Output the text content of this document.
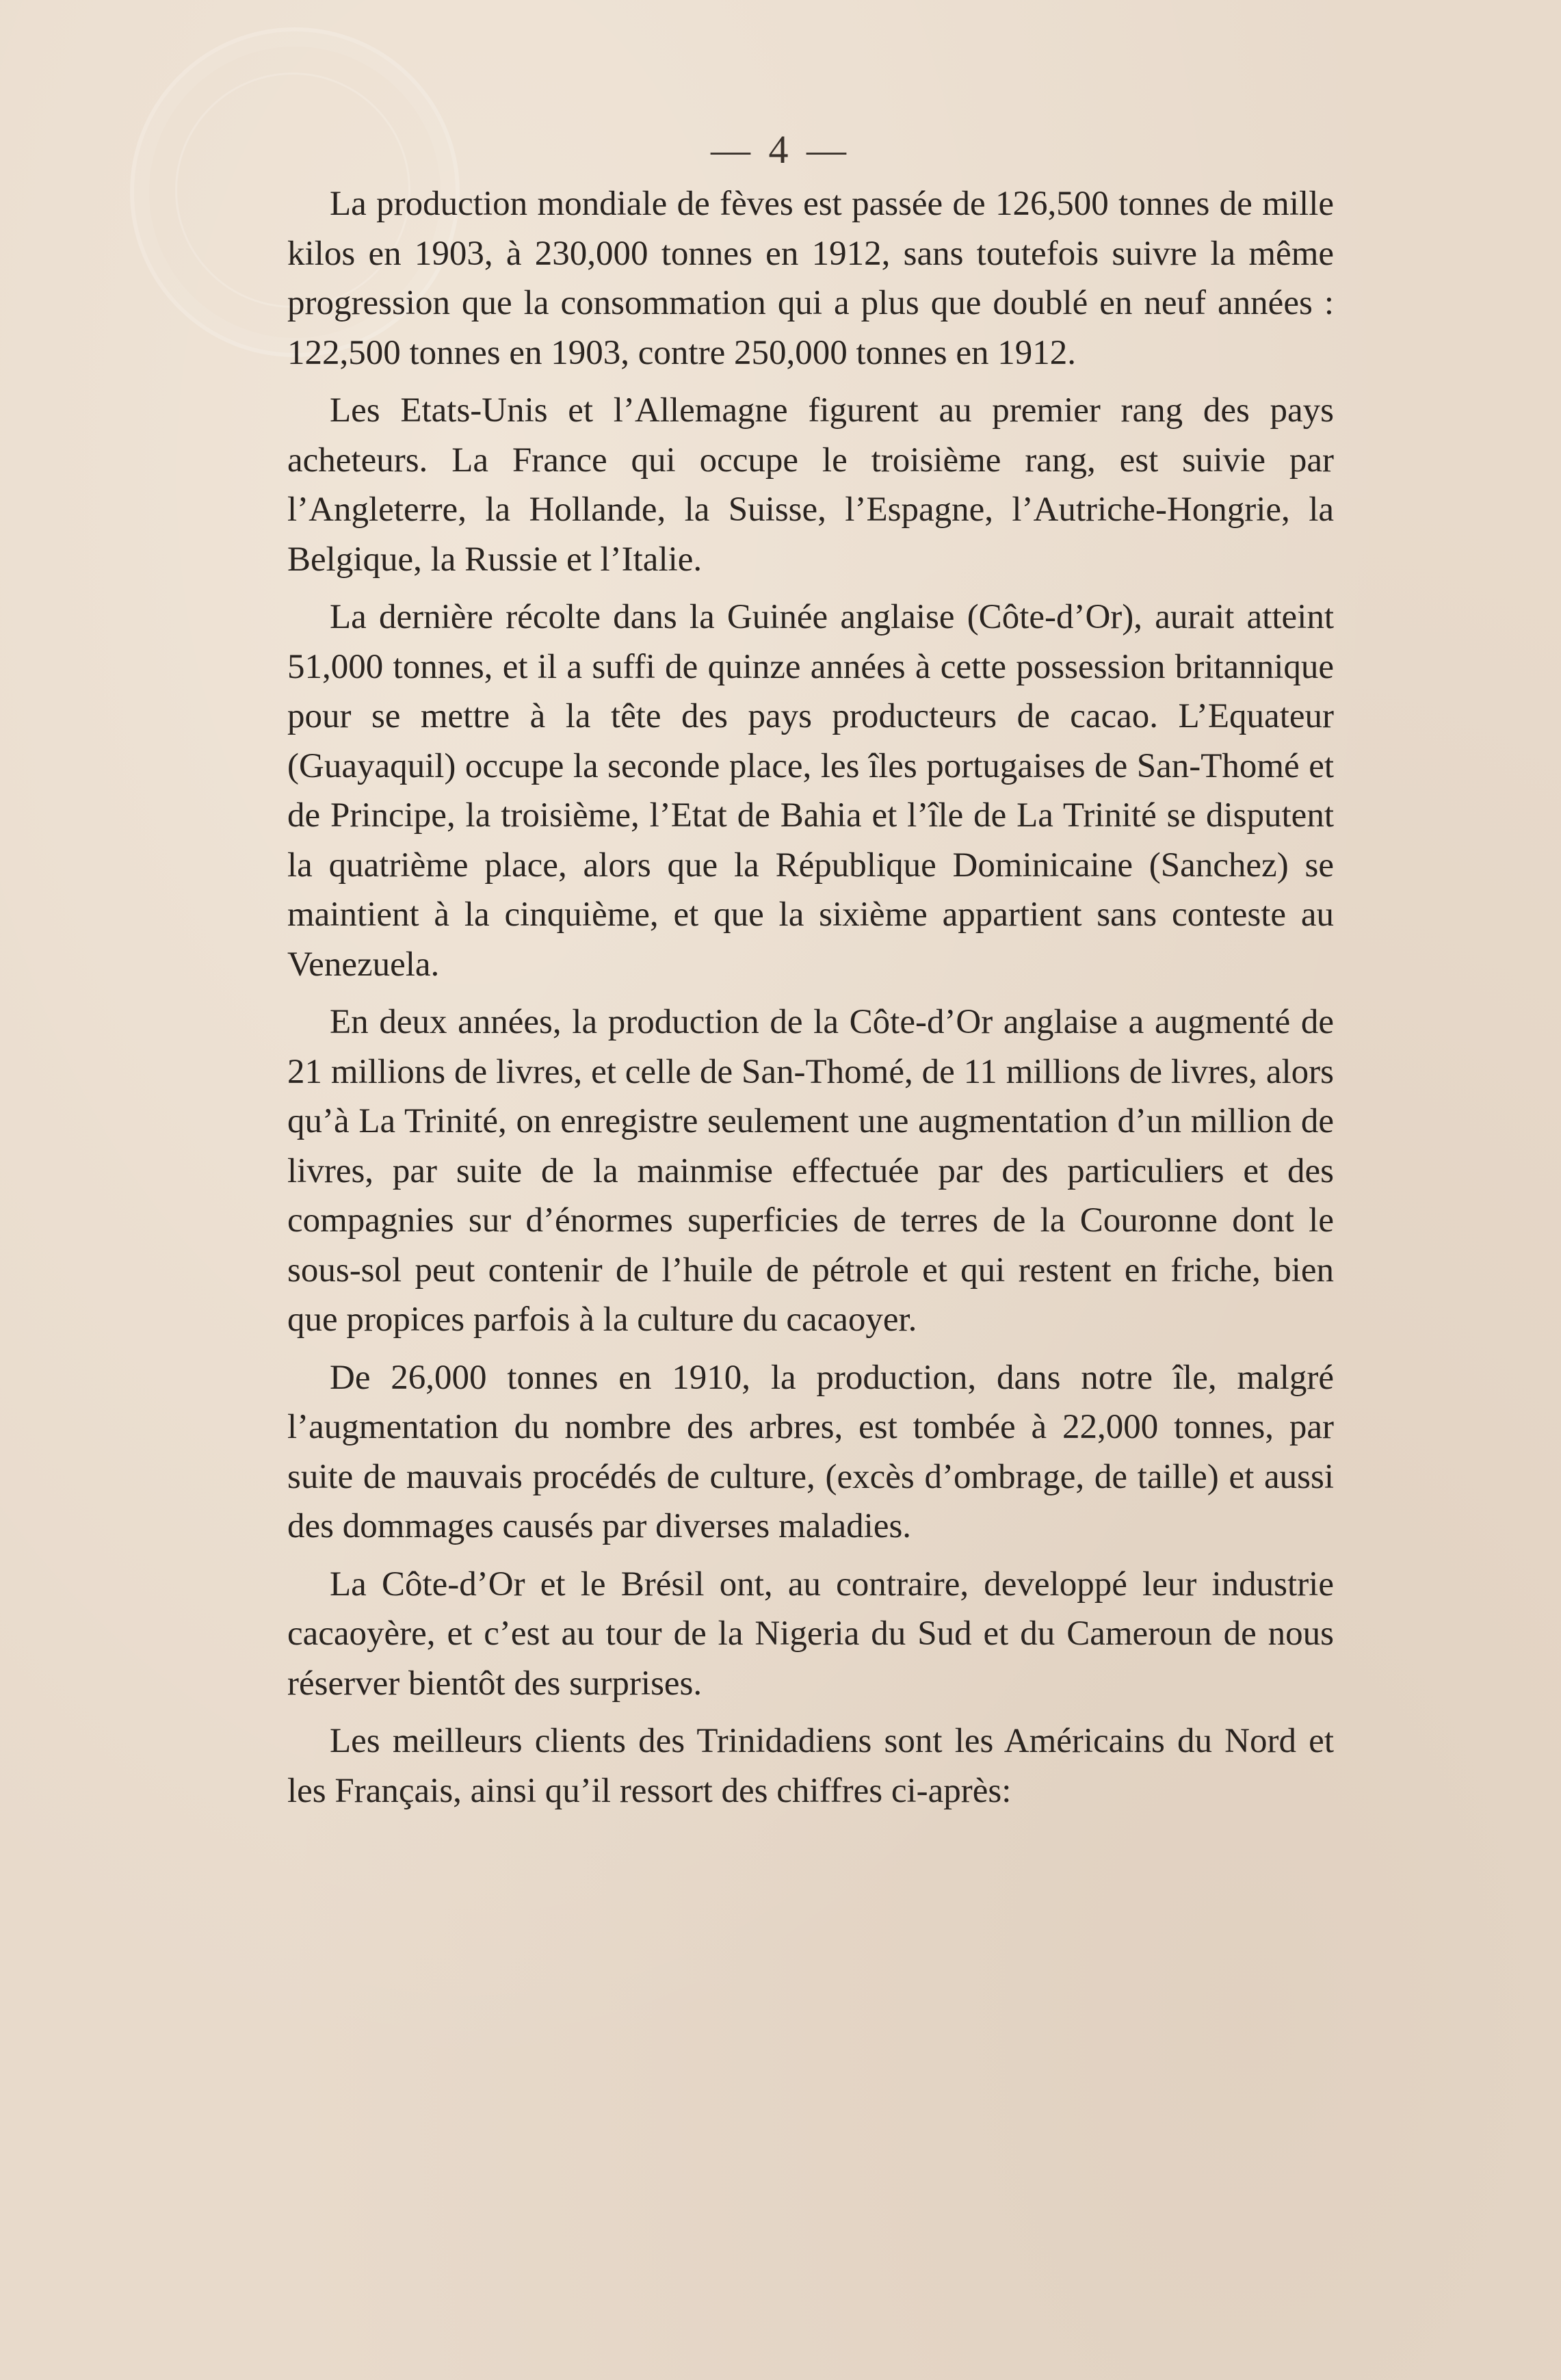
— 4 —

La production mondiale de fèves est passée de 126,500 tonnes de mille kilos en 1903, à 230,000 tonnes en 1912, sans toutefois suivre la même progression que la consommation qui a plus que doublé en neuf années : 122,500 tonnes en 1903, contre 250,000 tonnes en 1912.

Les Etats-Unis et l’Allemagne figurent au premier rang des pays acheteurs. La France qui occupe le troisième rang, est suivie par l’Angleterre, la Hollande, la Suisse, l’Espagne, l’Autriche-Hongrie, la Belgique, la Russie et l’Italie.

La dernière récolte dans la Guinée anglaise (Côte-d’Or), aurait atteint 51,000 tonnes, et il a suffi de quinze années à cette possession britannique pour se mettre à la tête des pays producteurs de cacao. L’Equateur (Guayaquil) occupe la seconde place, les îles portugaises de San-Thomé et de Principe, la troisième, l’Etat de Bahia et l’île de La Trinité se disputent la quatrième place, alors que la République Dominicaine (Sanchez) se maintient à la cinquième, et que la sixième appartient sans conteste au Venezuela.

En deux années, la production de la Côte-d’Or anglaise a augmenté de 21 millions de livres, et celle de San-Thomé, de 11 millions de livres, alors qu’à La Trinité, on enregistre seulement une augmentation d’un million de livres, par suite de la mainmise effectuée par des particuliers et des compagnies sur d’énormes superficies de terres de la Couronne dont le sous-sol peut contenir de l’huile de pétrole et qui restent en friche, bien que propices parfois à la culture du cacaoyer.

De 26,000 tonnes en 1910, la production, dans notre île, malgré l’augmentation du nombre des arbres, est tombée à 22,000 tonnes, par suite de mauvais procédés de culture, (excès d’ombrage, de taille) et aussi des dommages causés par diverses maladies.

La Côte-d’Or et le Brésil ont, au contraire, developpé leur industrie cacaoyère, et c’est au tour de la Nigeria du Sud et du Cameroun de nous réserver bientôt des surprises.

Les meilleurs clients des Trinidadiens sont les Américains du Nord et les Français, ainsi qu’il ressort des chiffres ci-après:
